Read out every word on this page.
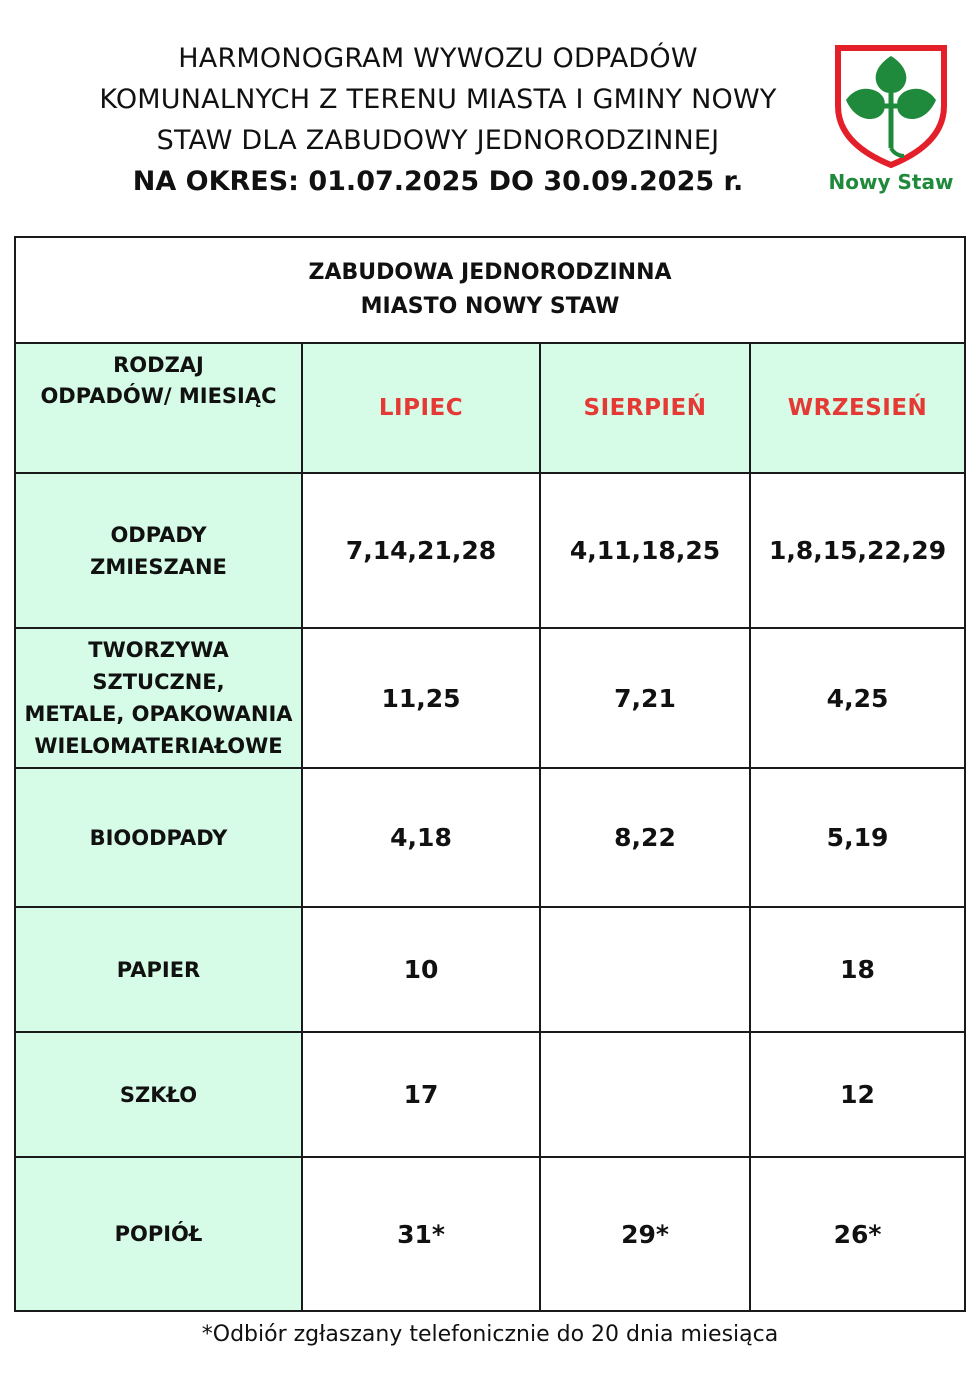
HARMONOGRAM WYWOZU ODPADÓW
KOMUNALNYCH Z TERENU MIASTA I GMINY NOWY
STAW DLA ZABUDOWY JEDNORODZINNEJ
NA OKRES: 01.07.2025 DO 30.09.2025 r.	Nowy Staw
ZABUDOWA JEDNORODZINNA
MIASTO NOWY STAW			

RODZAJ
ODPADÓW/ MIESIĄC	LIPIEC	SIERPIEŃ	WRZESIEŃ

ODPADY
ZMIESZANE	7,14,21,28	4,11,18,25	1,8,15,22,29

TWORZYWA SZTUCZNE,
METALE, OPAKOWANIA
WIELOMATERIAŁOWE	11,25	7,21	4,25

BIOODPADY	4,18	8,22	5,19

PAPIER	10		18

SZKŁO	17		12

POPIÓŁ	31*	29*	26*
*Odbiór zgłaszany telefonicznie do 20 dnia miesiąca
